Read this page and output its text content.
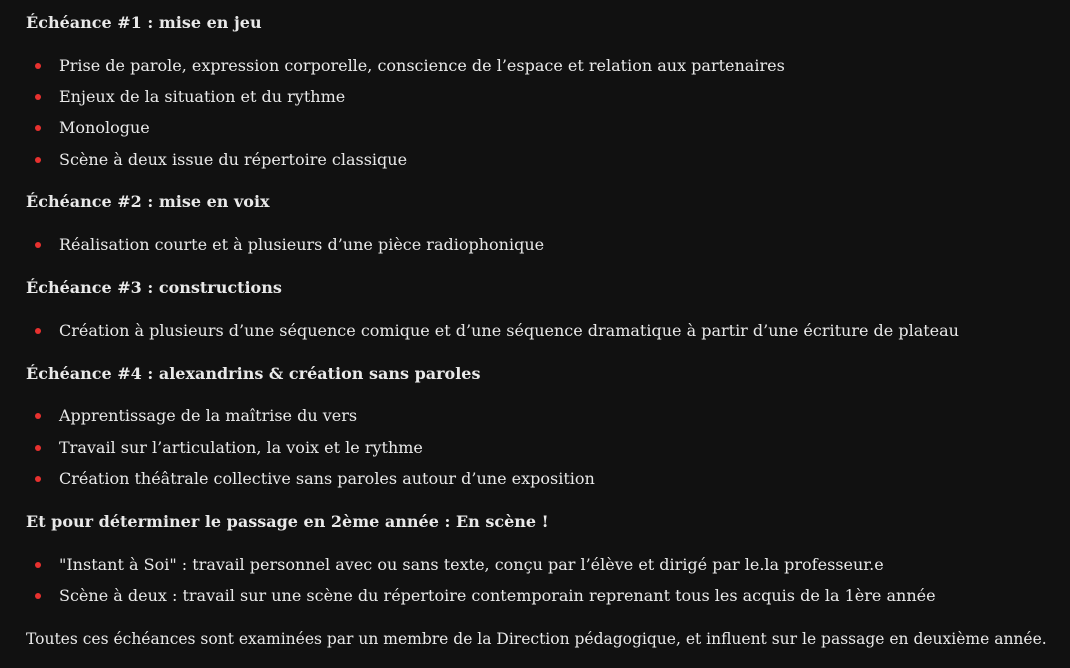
Échéance #1 : mise en jeu
Prise de parole, expression corporelle, conscience de l’espace et relation aux partenaires
Enjeux de la situation et du rythme
Monologue
Scène à deux issue du répertoire classique
Échéance #2 : mise en voix
Réalisation courte et à plusieurs d’une pièce radiophonique
Échéance #3 : constructions
Création à plusieurs d’une séquence comique et d’une séquence dramatique à partir d’une écriture de plateau
Échéance #4 : alexandrins & création sans paroles
Apprentissage de la maîtrise du vers
Travail sur l’articulation, la voix et le rythme
Création théâtrale collective sans paroles autour d’une exposition
Et pour déterminer le passage en 2ème année : En scène !
"Instant à Soi" : travail personnel avec ou sans texte, conçu par l’élève et dirigé par le.la professeur.e
Scène à deux : travail sur une scène du répertoire contemporain reprenant tous les acquis de la 1ère année
Toutes ces échéances sont examinées par un membre de la Direction pédagogique, et influent sur le passage en deuxième année.
